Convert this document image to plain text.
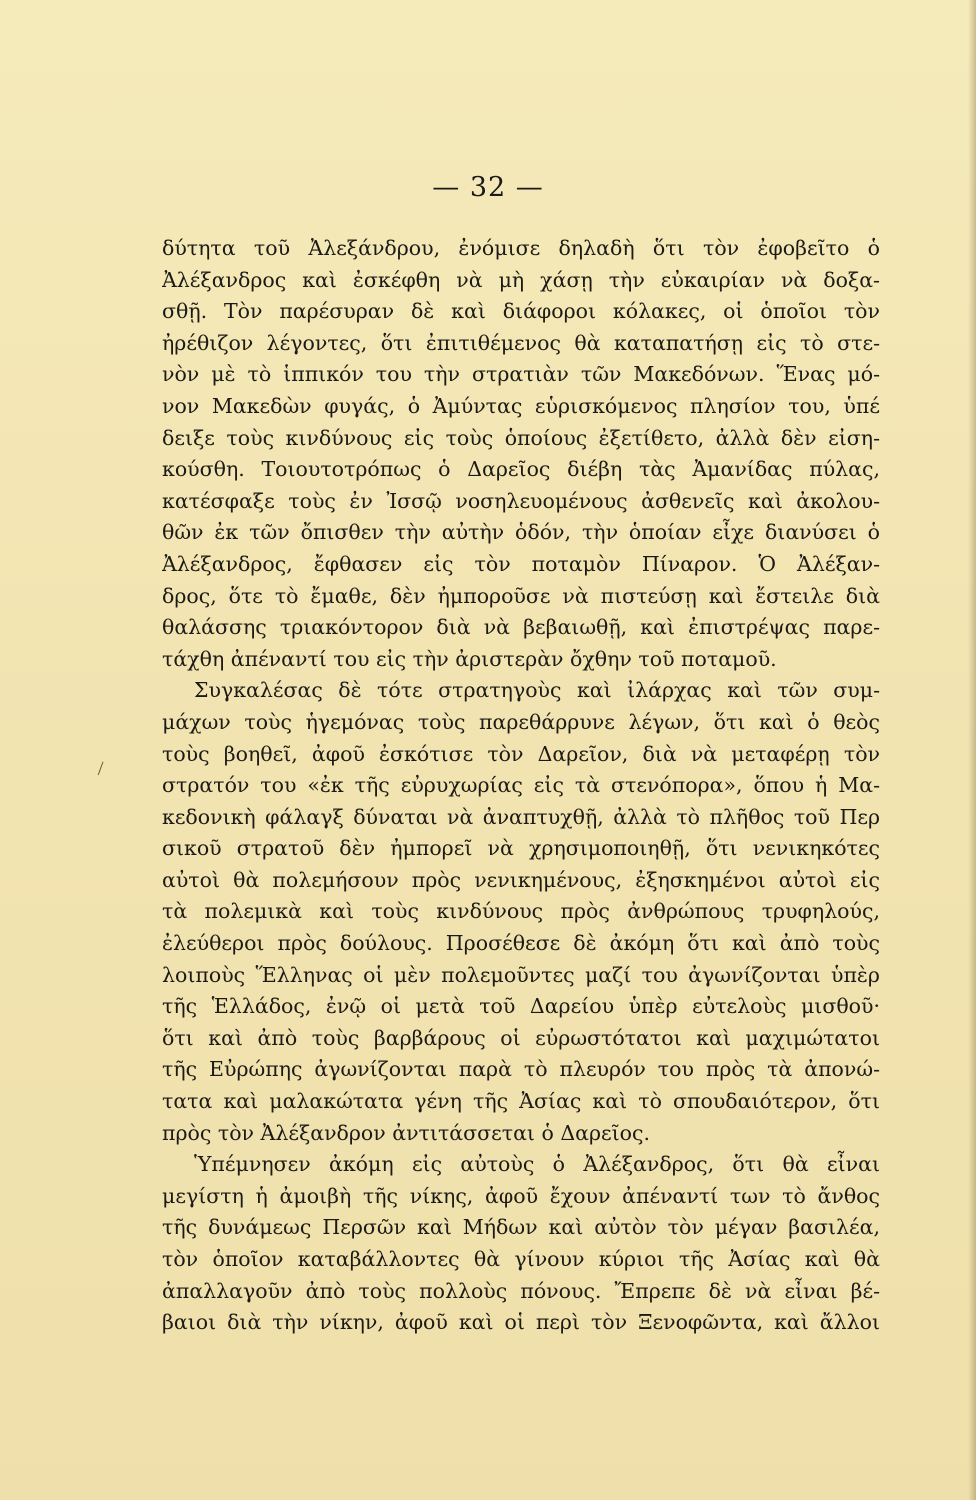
— 32 —
δύτητα τοῦ Ἀλεξάνδρου, ἐνόμισε δηλαδὴ ὅτι τὸν ἐφοβεῖτο ὁ
Ἀλέξανδρος καὶ ἐσκέφθη νὰ μὴ χάσῃ τὴν εὐκαιρίαν νὰ δοξα-
σθῇ. Τὸν παρέσυραν δὲ καὶ διάφοροι κόλακες, οἱ ὁποῖοι τὸν
ἠρέθιζον λέγοντες, ὅτι ἐπιτιθέμενος θὰ καταπατήσῃ εἰς τὸ στε-
νὸν μὲ τὸ ἱππικόν του τὴν στρατιὰν τῶν Μακεδόνων. Ἕνας μό-
νον Μακεδὼν φυγάς, ὁ Ἀμύντας εὑρισκόμενος πλησίον του, ὑπέ
δειξε τοὺς κινδύνους εἰς τοὺς ὁποίους ἐξετίθετο, ἀλλὰ δὲν εἰση-
κούσθη. Τοιουτοτρόπως ὁ Δαρεῖος διέβη τὰς Ἀμανίδας πύλας,
κατέσφαξε τοὺς ἐν Ἰσσῷ νοσηλευομένους ἀσθενεῖς καὶ ἀκολου-
θῶν ἐκ τῶν ὄπισθεν τὴν αὐτὴν ὁδόν, τὴν ὁποίαν εἶχε διανύσει ὁ
Ἀλέξανδρος, ἔφθασεν εἰς τὸν ποταμὸν Πίναρον. Ὁ Ἀλέξαν-
δρος, ὅτε τὸ ἔμαθε, δὲν ἠμποροῦσε νὰ πιστεύσῃ καὶ ἔστειλε διὰ
θαλάσσης τριακόντορον διὰ νὰ βεβαιωθῇ, καὶ ἐπιστρέψας παρε-
τάχθη ἀπέναντί του εἰς τὴν ἀριστερὰν ὄχθην τοῦ ποταμοῦ.
Συγκαλέσας δὲ τότε στρατηγοὺς καὶ ἰλάρχας καὶ τῶν συμ-
μάχων τοὺς ἡγεμόνας τοὺς παρεθάρρυνε λέγων, ὅτι καὶ ὁ θεὸς
τοὺς βοηθεῖ, ἀφοῦ ἐσκότισε τὸν Δαρεῖον, διὰ νὰ μεταφέρῃ τὸν
στρατόν του «ἐκ τῆς εὐρυχωρίας εἰς τὰ στενόπορα», ὅπου ἡ Μα-
κεδονικὴ φάλαγξ δύναται νὰ ἀναπτυχθῇ, ἀλλὰ τὸ πλῆθος τοῦ Περ
σικοῦ στρατοῦ δὲν ἠμπορεῖ νὰ χρησιμοποιηθῇ, ὅτι νενικηκότες
αὐτοὶ θὰ πολεμήσουν πρὸς νενικημένους, ἐξησκημένοι αὐτοὶ εἰς
τὰ πολεμικὰ καὶ τοὺς κινδύνους πρὸς ἀνθρώπους τρυφηλούς,
ἐλεύθεροι πρὸς δούλους. Προσέθεσε δὲ ἀκόμη ὅτι καὶ ἀπὸ τοὺς
λοιποὺς Ἕλληνας οἱ μὲν πολεμοῦντες μαζί του ἀγωνίζονται ὑπὲρ
τῆς Ἑλλάδος, ἐνῷ οἱ μετὰ τοῦ Δαρείου ὑπὲρ εὐτελοὺς μισθοῦ·
ὅτι καὶ ἀπὸ τοὺς βαρβάρους οἱ εὐρωστότατοι καὶ μαχιμώτατοι
τῆς Εὐρώπης ἀγωνίζονται παρὰ τὸ πλευρόν του πρὸς τὰ ἀπονώ-
τατα καὶ μαλακώτατα γένη τῆς Ἀσίας καὶ τὸ σπουδαιότερον, ὅτι
πρὸς τὸν Ἀλέξανδρον ἀντιτάσσεται ὁ Δαρεῖος.
Ὑπέμνησεν ἀκόμη εἰς αὐτοὺς ὁ Ἀλέξανδρος, ὅτι θὰ εἶναι
μεγίστη ἡ ἀμοιβὴ τῆς νίκης, ἀφοῦ ἔχουν ἀπέναντί των τὸ ἄνθος
τῆς δυνάμεως Περσῶν καὶ Μήδων καὶ αὐτὸν τὸν μέγαν βασιλέα,
τὸν ὁποῖον καταβάλλοντες θὰ γίνουν κύριοι τῆς Ἀσίας καὶ θὰ
ἀπαλλαγοῦν ἀπὸ τοὺς πολλοὺς πόνους. Ἔπρεπε δὲ νὰ εἶναι βέ-
βαιοι διὰ τὴν νίκην, ἀφοῦ καὶ οἱ περὶ τὸν Ξενοφῶντα, καὶ ἄλλοι
